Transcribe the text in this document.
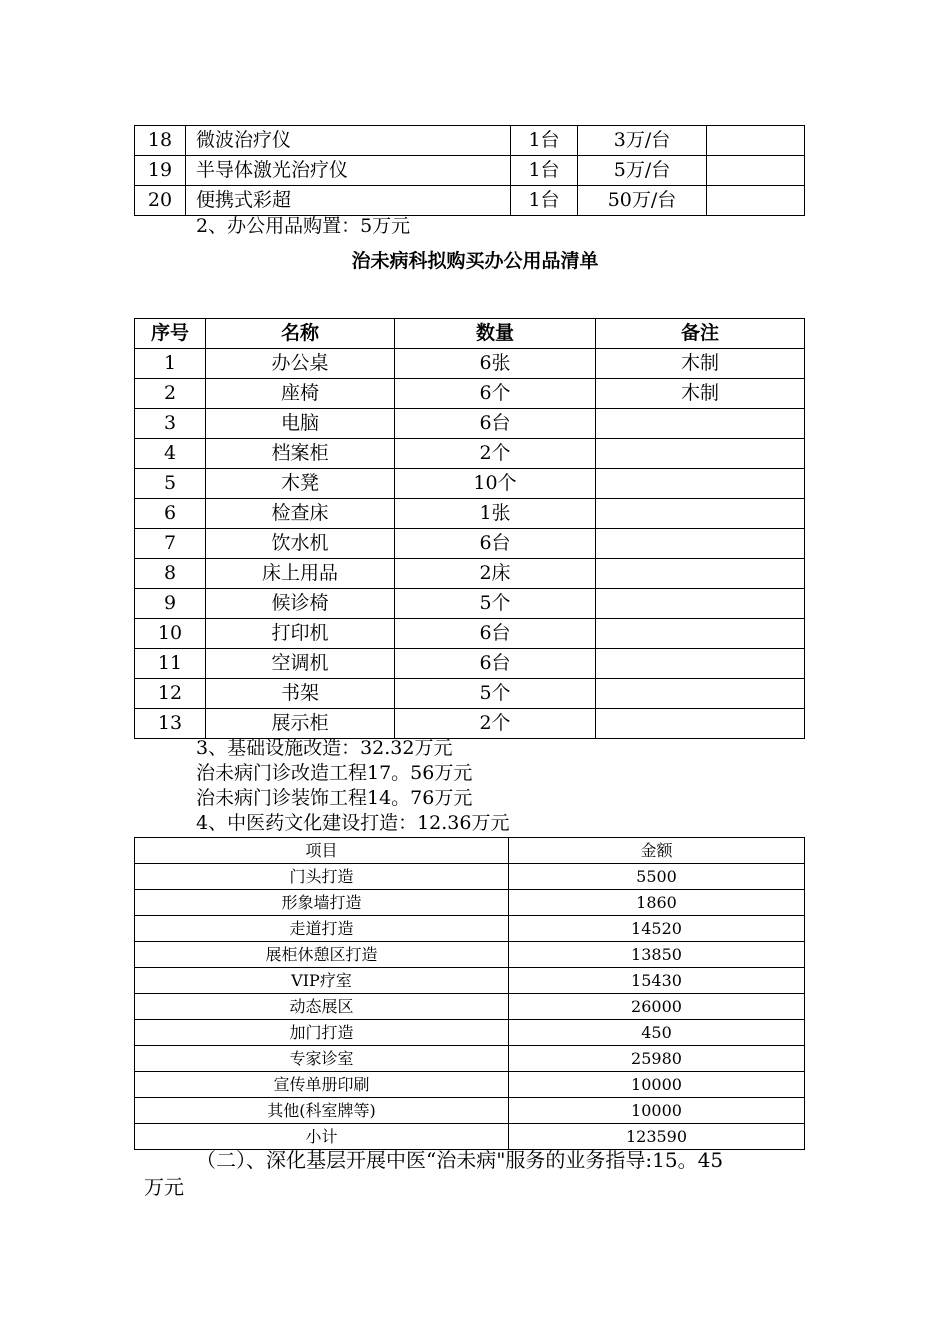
18	微波治疗仪	1台	3万/台	
19	半导体激光治疗仪	1台	5万/台	
20	便携式彩超	1台	50万/台	
2、办公用品购置：5万元
治未病科拟购买办公用品清单
序号	名称	数量	备注
1	办公桌	6张	木制
2	座椅	6个	木制
3	电脑	6台	
4	档案柜	2个	
5	木凳	10个	
6	检查床	1张	
7	饮水机	6台	
8	床上用品	2床	
9	候诊椅	5个	
10	打印机	6台	
11	空调机	6台	
12	书架	5个	
13	展示柜	2个	
3、基础设施改造：32.32万元
治未病门诊改造工程17。56万元
治未病门诊装饰工程14。76万元
4、中医药文化建设打造：12.36万元
项目	金额
门头打造	5500
形象墙打造	1860
走道打造	14520
展柜休憩区打造	13850
VIP疗室	15430
动态展区	26000
加门打造	450
专家诊室	25980
宣传单册印刷	10000
其他(科室牌等)	10000
小计	123590
（二）、深化基层开展中医“治未病"服务的业务指导:15。45
万元
